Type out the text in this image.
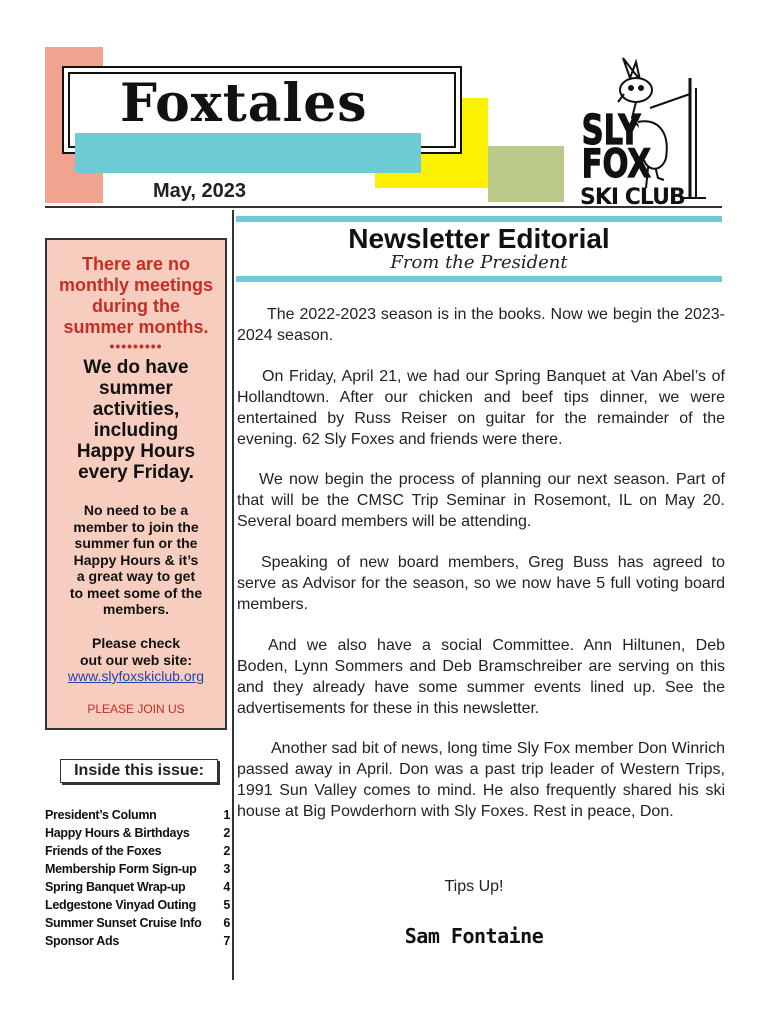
Foxtales
May, 2023
SLY
FOX
SKI CLUB
There are no
monthly meetings
during the
summer months.
•••••••••
We do have
summer
activities,
including
Happy Hours
every Friday.
No need to be a
member to join the
summer fun or the
Happy Hours & it’s
a great way to get
to meet some of the
members.
Please check
out our web site:
www.slyfoxskiclub.org
PLEASE JOIN US
Inside this issue:
President’s Column	1
Happy Hours & Birthdays	2
Friends of the Foxes	2
Membership Form Sign-up 3
Spring Banquet Wrap-up	4
Ledgestone Vinyad Outing 5
Summer Sunset Cruise Info 6
Sponsor Ads	7
Newsletter Editorial
From the President
The 2022-2023 season is in the books. Now we begin the 2023-2024 season.
On Friday, April 21, we had our Spring Banquet at Van Abel’s of Hollandtown. After our chicken and beef tips dinner, we were entertained by Russ Reiser on guitar for the remainder of the evening. 62 Sly Foxes and friends were there.
We now begin the process of planning our next season. Part of that will be the CMSC Trip Seminar in Rosemont, IL on May 20. Several board members will be attending.
Speaking of new board members, Greg Buss has agreed to serve as Advisor for the season, so we now have 5 full voting board members.
And we also have a social Committee. Ann Hiltunen, Deb Boden, Lynn Sommers and Deb Bramschreiber are serving on this and they already have some summer events lined up. See the advertisements for these in this newsletter.
Another sad bit of news, long time Sly Fox member Don Winrich passed away in April. Don was a past trip leader of Western Trips, 1991 Sun Valley comes to mind. He also frequently shared his ski house at Big Powderhorn with Sly Foxes. Rest in peace, Don.
Tips Up!
Sam Fontaine
